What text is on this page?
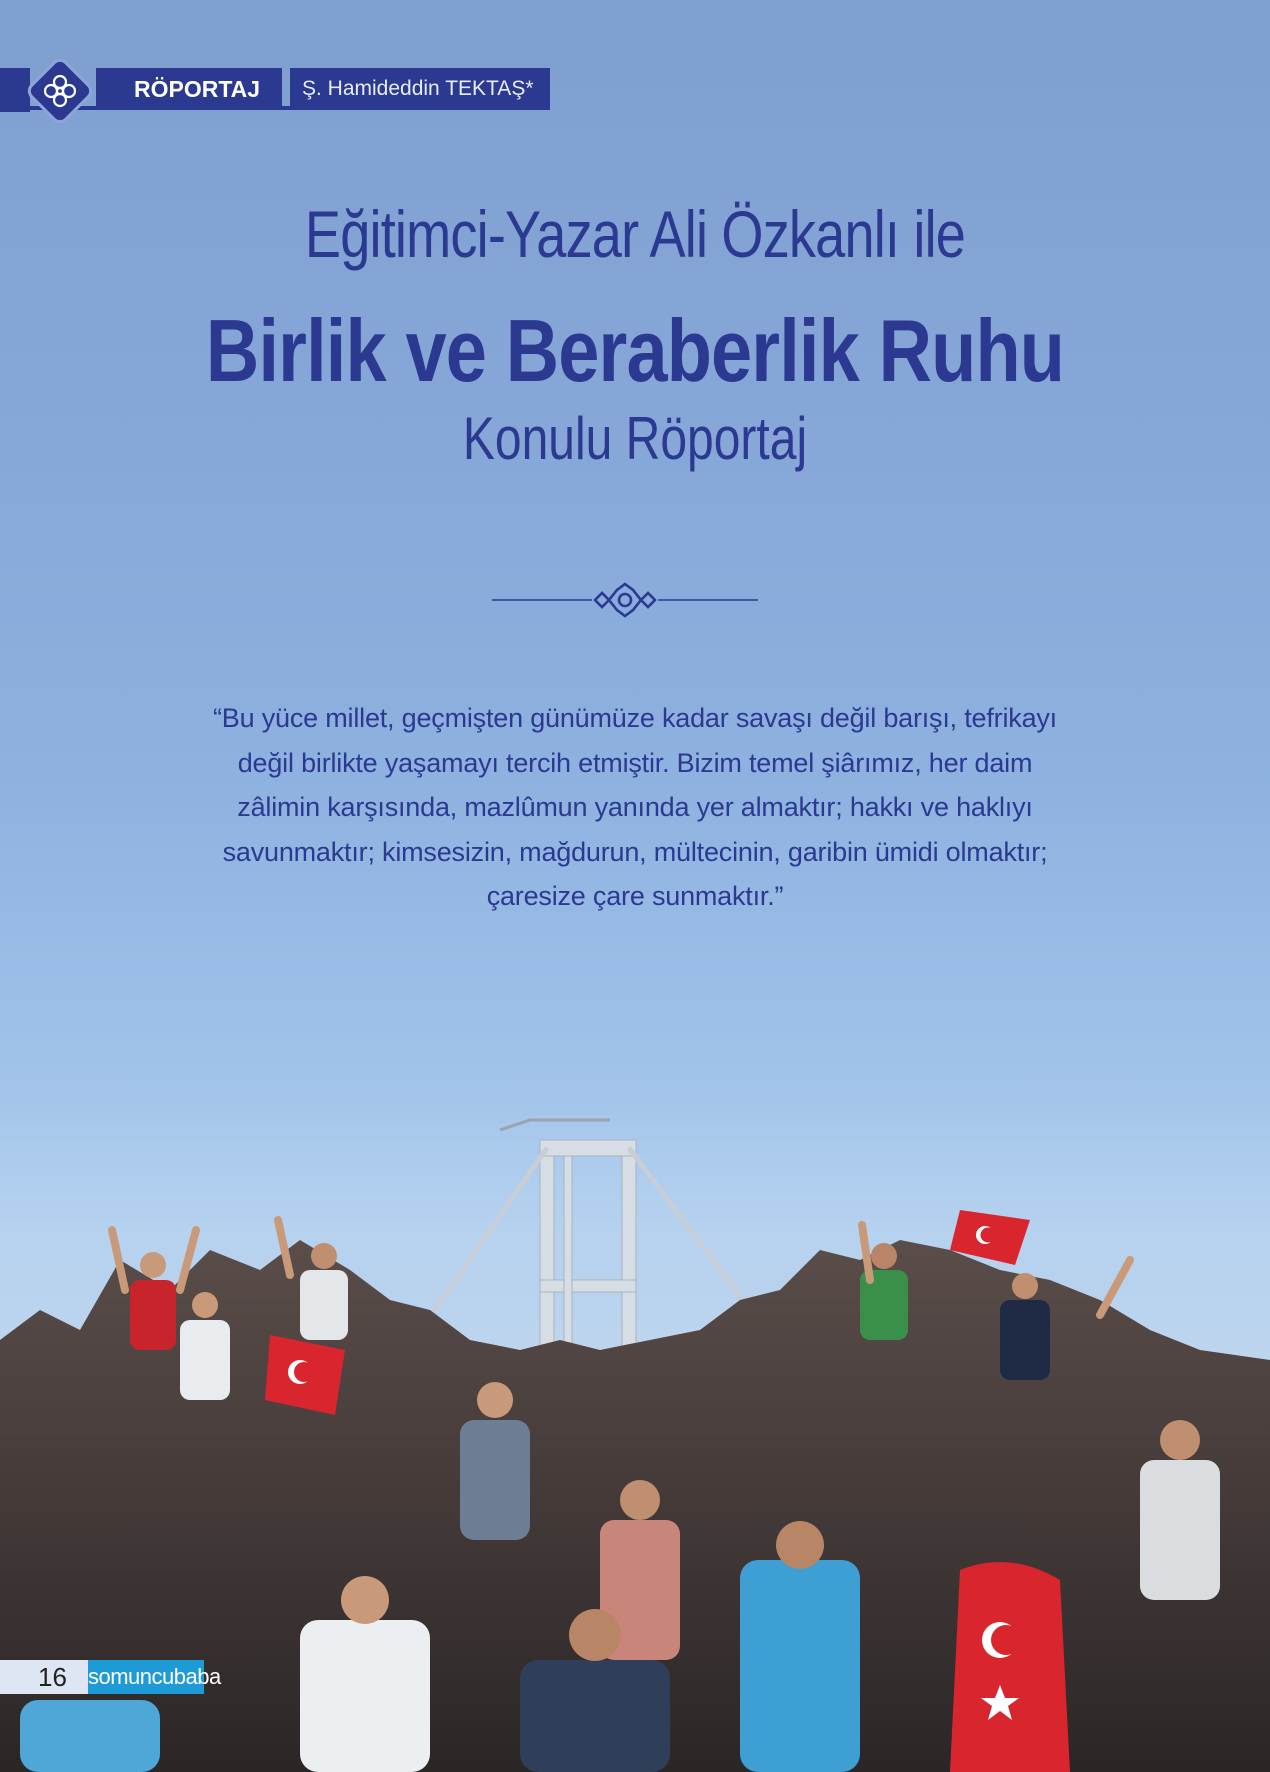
RÖPORTAJ	Ş. Hamideddin TEKTAŞ*
Eğitimci-Yazar Ali Özkanlı ile
Birlik ve Beraberlik Ruhu
Konulu Röportaj
“Bu yüce millet, geçmişten günümüze kadar savaşı değil barışı, tefrikayı
değil birlikte yaşamayı tercih etmiştir. Bizim temel şiârımız, her daim
zâlimin karşısında, mazlûmun yanında yer almaktır; hakkı ve haklıyı
savunmaktır; kimsesizin, mağdurun, mültecinin, garibin ümidi olmaktır;
çaresize çare sunmaktır.”
16 somuncubaba
